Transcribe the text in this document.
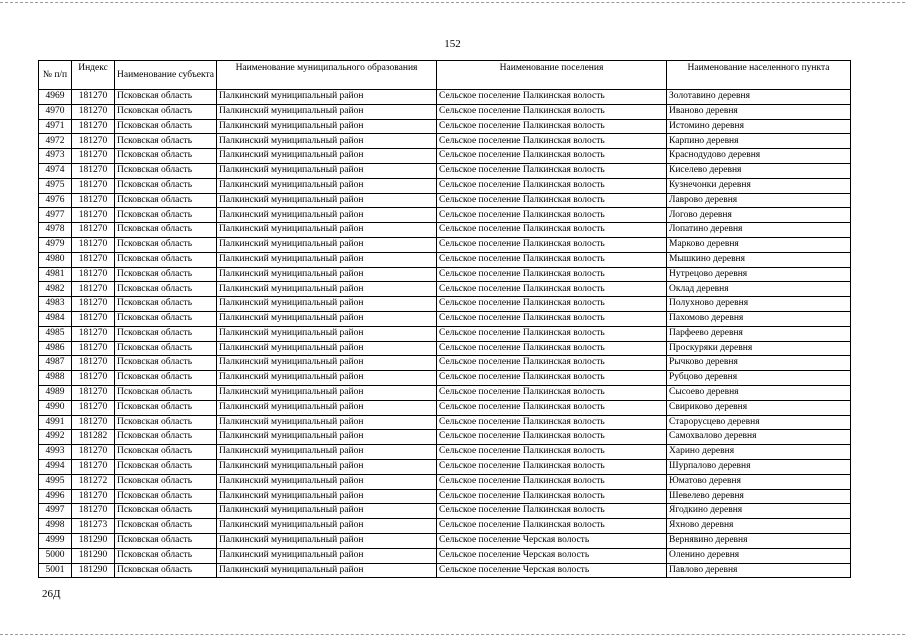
152
№ п/п	Индекс	Наименование субъекта	Наименование муниципального образования	Наименование поселения	Наименование населенного пункта
4969	181270	Псковская область	Палкинский муниципальный район	Сельское поселение Палкинская волость	Золотавино деревня
4970	181270	Псковская область	Палкинский муниципальный район	Сельское поселение Палкинская волость	Иваново деревня
4971	181270	Псковская область	Палкинский муниципальный район	Сельское поселение Палкинская волость	Истомино деревня
4972	181270	Псковская область	Палкинский муниципальный район	Сельское поселение Палкинская волость	Карпино деревня
4973	181270	Псковская область	Палкинский муниципальный район	Сельское поселение Палкинская волость	Краснодудово деревня
4974	181270	Псковская область	Палкинский муниципальный район	Сельское поселение Палкинская волость	Киселево деревня
4975	181270	Псковская область	Палкинский муниципальный район	Сельское поселение Палкинская волость	Кузнечонки деревня
4976	181270	Псковская область	Палкинский муниципальный район	Сельское поселение Палкинская волость	Лаврово деревня
4977	181270	Псковская область	Палкинский муниципальный район	Сельское поселение Палкинская волость	Логово деревня
4978	181270	Псковская область	Палкинский муниципальный район	Сельское поселение Палкинская волость	Лопатино деревня
4979	181270	Псковская область	Палкинский муниципальный район	Сельское поселение Палкинская волость	Марково деревня
4980	181270	Псковская область	Палкинский муниципальный район	Сельское поселение Палкинская волость	Мышкино деревня
4981	181270	Псковская область	Палкинский муниципальный район	Сельское поселение Палкинская волость	Нутрецово деревня
4982	181270	Псковская область	Палкинский муниципальный район	Сельское поселение Палкинская волость	Оклад деревня
4983	181270	Псковская область	Палкинский муниципальный район	Сельское поселение Палкинская волость	Полухново деревня
4984	181270	Псковская область	Палкинский муниципальный район	Сельское поселение Палкинская волость	Пахомово деревня
4985	181270	Псковская область	Палкинский муниципальный район	Сельское поселение Палкинская волость	Парфеево деревня
4986	181270	Псковская область	Палкинский муниципальный район	Сельское поселение Палкинская волость	Проскуряки деревня
4987	181270	Псковская область	Палкинский муниципальный район	Сельское поселение Палкинская волость	Рычково деревня
4988	181270	Псковская область	Палкинский муниципальный район	Сельское поселение Палкинская волость	Рубцово деревня
4989	181270	Псковская область	Палкинский муниципальный район	Сельское поселение Палкинская волость	Сысоево деревня
4990	181270	Псковская область	Палкинский муниципальный район	Сельское поселение Палкинская волость	Свириково деревня
4991	181270	Псковская область	Палкинский муниципальный район	Сельское поселение Палкинская волость	Старорусцево деревня
4992	181282	Псковская область	Палкинский муниципальный район	Сельское поселение Палкинская волость	Самохвалово деревня
4993	181270	Псковская область	Палкинский муниципальный район	Сельское поселение Палкинская волость	Харино деревня
4994	181270	Псковская область	Палкинский муниципальный район	Сельское поселение Палкинская волость	Шурпалово деревня
4995	181272	Псковская область	Палкинский муниципальный район	Сельское поселение Палкинская волость	Юматово деревня
4996	181270	Псковская область	Палкинский муниципальный район	Сельское поселение Палкинская волость	Шевелево деревня
4997	181270	Псковская область	Палкинский муниципальный район	Сельское поселение Палкинская волость	Ягодкино деревня
4998	181273	Псковская область	Палкинский муниципальный район	Сельское поселение Палкинская волость	Яхново деревня
4999	181290	Псковская область	Палкинский муниципальный район	Сельское поселение Черская волость	Вернявино деревня
5000	181290	Псковская область	Палкинский муниципальный район	Сельское поселение Черская волость	Оленино деревня
5001	181290	Псковская область	Палкинский муниципальный район	Сельское поселение Черская волость	Павлово деревня
26Д
